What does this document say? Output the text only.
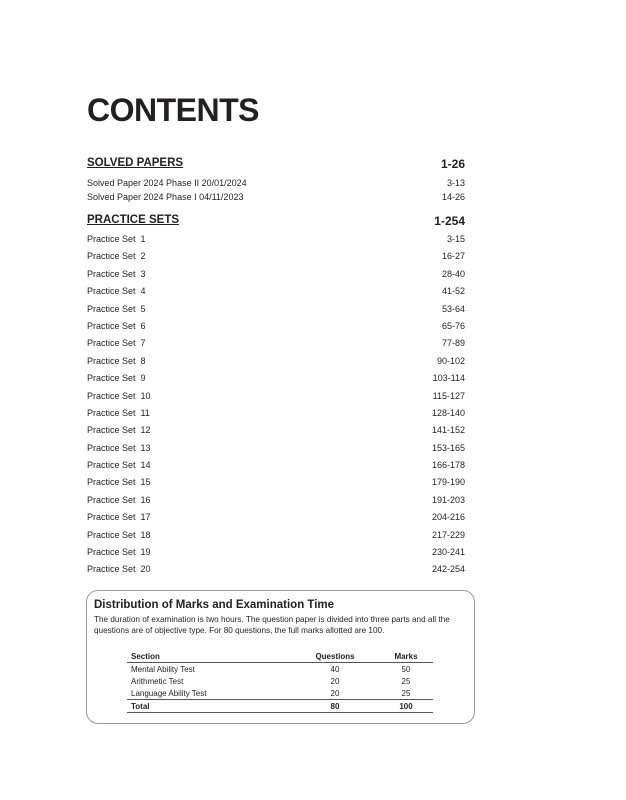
CONTENTS
SOLVED PAPERS	1-26
Solved Paper 2024 Phase II 20/01/2024	3-13
Solved Paper 2024 Phase I 04/11/2023	14-26
PRACTICE SETS	1-254
Practice Set  1	3-15
Practice Set  2	16-27
Practice Set  3	28-40
Practice Set  4	41-52
Practice Set  5	53-64
Practice Set  6	65-76
Practice Set  7	77-89
Practice Set  8	90-102
Practice Set  9	103-114
Practice Set  10	115-127
Practice Set  11	128-140
Practice Set  12	141-152
Practice Set  13	153-165
Practice Set  14	166-178
Practice Set  15	179-190
Practice Set  16	191-203
Practice Set  17	204-216
Practice Set  18	217-229
Practice Set  19	230-241
Practice Set  20	242-254
Distribution of Marks and Examination Time

The duration of examination is two hours. The question paper is divided into three parts and all the questions are of objective type. For 80 questions, the full marks allotted are 100.

Section	Questions	Marks
Mental Ability Test	40	50
Arithmetic Test	20	25
Language Ability Test	20	25
Total	80	100
